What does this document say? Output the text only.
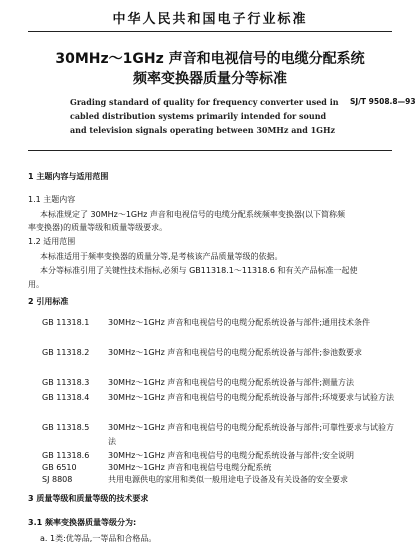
中华人民共和国电子行业标准
30MHz～1GHz 声音和电视信号的电缆分配系统
频率变换器质量分等标准
SJ/T 9508.8—93
Grading standard of quality for frequency converter used in
cabled distribution systems primarily intended for sound
and television signals operating between 30MHz and 1GHz
1 主题内容与适用范围
1.1 主题内容
本标准规定了 30MHz～1GHz 声音和电视信号的电缆分配系统频率变换器(以下简称频
率变换器)的质量等级和质量等级要求。
1.2 适用范围
本标准适用于频率变换器的质量分等,是考核该产品质量等级的依据。
本分等标准引用了关键性技术指标,必须与 GB11318.1～11318.6 和有关产品标准一起使
用。
2 引用标准
GB 11318.1	30MHz～1GHz 声音和电视信号的电缆分配系统设备与部件;通用技术条件
GB 11318.2	30MHz～1GHz 声音和电视信号的电缆分配系统设备与部件;参池数要求
GB 11318.3	30MHz～1GHz 声音和电视信号的电缆分配系统设备与部件;测量方法
GB 11318.4	30MHz～1GHz 声音和电视信号的电缆分配系统设备与部件;环境要求与试验方法
GB 11318.5	30MHz～1GHz 声音和电视信号的电缆分配系统设备与部件;可靠性要求与试验方法
GB 11318.6	30MHz～1GHz 声音和电视信号的电缆分配系统设备与部件;安全说明
GB 6510	30MHz～1GHz 声音和电视信号电缆分配系统
SJ 8808	共用电源供电的家用和类似一般用途电子设备及有关设备的安全要求
3 质量等级和质量等级的技术要求
3.1 频率变换器质量等级分为:
a. 1类:优等品,一等品和合格品。
